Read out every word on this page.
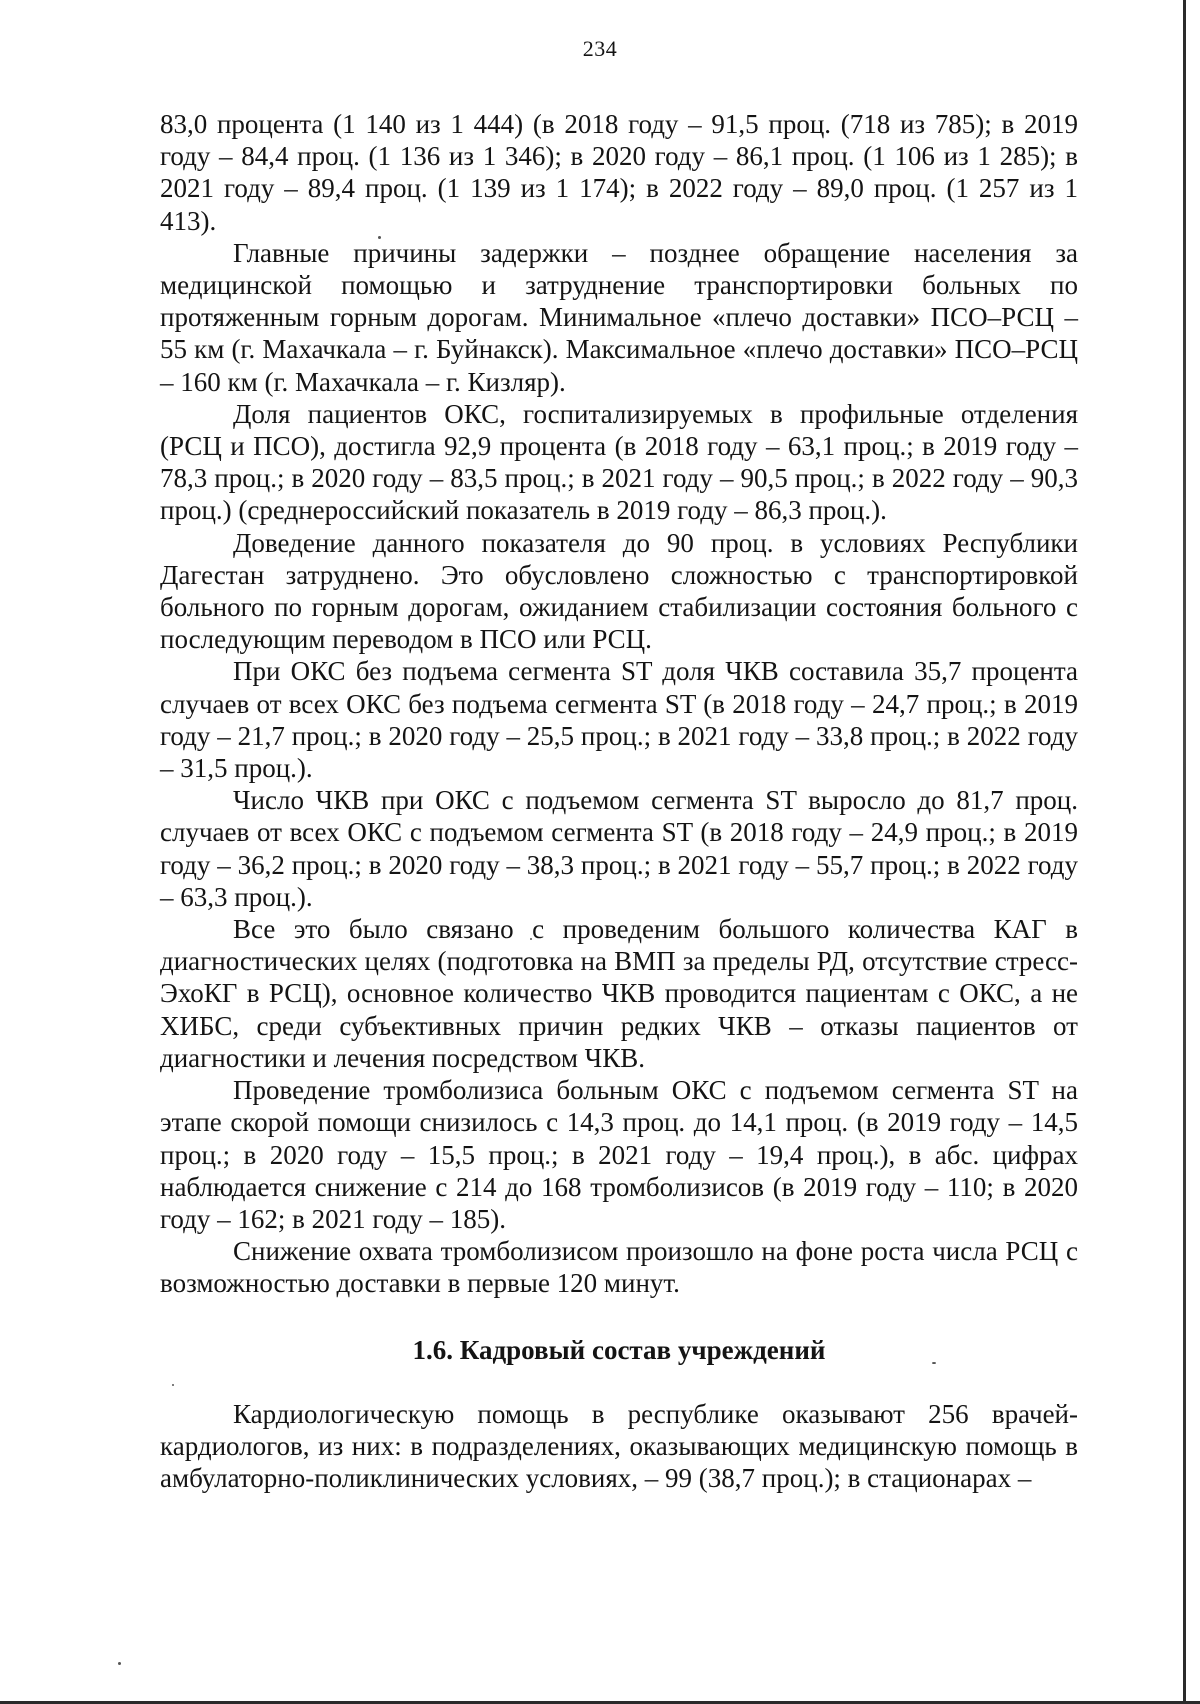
234

83,0 процента (1 140 из 1 444) (в 2018 году – 91,5 проц. (718 из 785); в 2019 году – 84,4 проц. (1 136 из 1 346); в 2020 году – 86,1 проц. (1 106 из 1 285); в 2021 году – 89,4 проц. (1 139 из 1 174); в 2022 году – 89,0 проц. (1 257 из 1 413).

Главные причины задержки – позднее обращение населения за медицинской помощью и затруднение транспортировки больных по протяженным горным дорогам. Минимальное «плечо доставки» ПСО–РСЦ – 55 км (г. Махачкала – г. Буйнакск). Максимальное «плечо доставки» ПСО–РСЦ – 160 км (г. Махачкала – г. Кизляр).

Доля пациентов ОКС, госпитализируемых в профильные отделения (РСЦ и ПСО), достигла 92,9 процента (в 2018 году – 63,1 проц.; в 2019 году – 78,3 проц.; в 2020 году – 83,5 проц.; в 2021 году – 90,5 проц.; в 2022 году – 90,3 проц.) (среднероссийский показатель в 2019 году – 86,3 проц.).

Доведение данного показателя до 90 проц. в условиях Республики Дагестан затруднено. Это обусловлено сложностью с транспортировкой больного по горным дорогам, ожиданием стабилизации состояния больного с последующим переводом в ПСО или РСЦ.

При ОКС без подъема сегмента ST доля ЧКВ составила 35,7 процента случаев от всех ОКС без подъема сегмента ST (в 2018 году – 24,7 проц.; в 2019 году – 21,7 проц.; в 2020 году – 25,5 проц.; в 2021 году – 33,8 проц.; в 2022 году – 31,5 проц.).

Число ЧКВ при ОКС с подъемом сегмента ST выросло до 81,7 проц. случаев от всех ОКС с подъемом сегмента ST (в 2018 году – 24,9 проц.; в 2019 году – 36,2 проц.; в 2020 году – 38,3 проц.; в 2021 году – 55,7 проц.; в 2022 году – 63,3 проц.).

Все это было связано с проведеним большого количества КАГ в диагностических целях (подготовка на ВМП за пределы РД, отсутствие стресс-ЭхоКГ в РСЦ), основное количество ЧКВ проводится пациентам с ОКС, а не ХИБС, среди субъективных причин редких ЧКВ – отказы пациентов от диагностики и лечения посредством ЧКВ.

Проведение тромболизиса больным ОКС с подъемом сегмента ST на этапе скорой помощи снизилось с 14,3 проц. до 14,1 проц. (в 2019 году – 14,5 проц.; в 2020 году – 15,5 проц.; в 2021 году – 19,4 проц.), в абс. цифрах наблюдается снижение с 214 до 168 тромболизисов (в 2019 году – 110; в 2020 году – 162; в 2021 году – 185).

Снижение охвата тромболизисом произошло на фоне роста числа РСЦ с возможностью доставки в первые 120 минут.

1.6. Кадровый состав учреждений

Кардиологическую помощь в республике оказывают 256 врачей-кардиологов, из них: в подразделениях, оказывающих медицинскую помощь в амбулаторно-поликлинических условиях, – 99 (38,7 проц.); в стационарах –
